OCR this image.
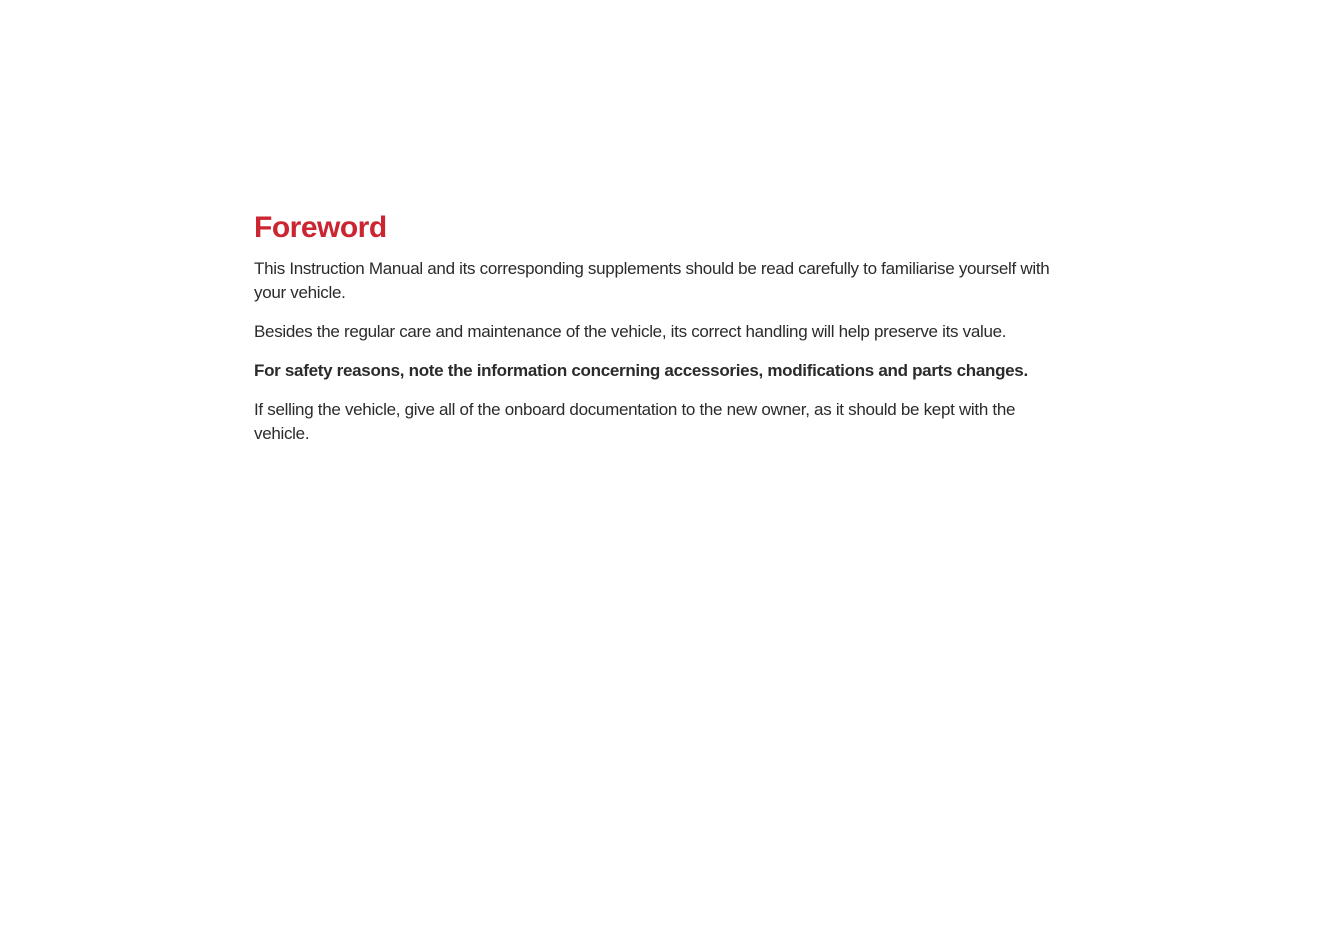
Foreword

This Instruction Manual and its corresponding supplements should be read carefully to familiarise yourself with
your vehicle.

Besides the regular care and maintenance of the vehicle, its correct handling will help preserve its value.

For safety reasons, note the information concerning accessories, modifications and parts changes.

If selling the vehicle, give all of the onboard documentation to the new owner, as it should be kept with the
vehicle.
